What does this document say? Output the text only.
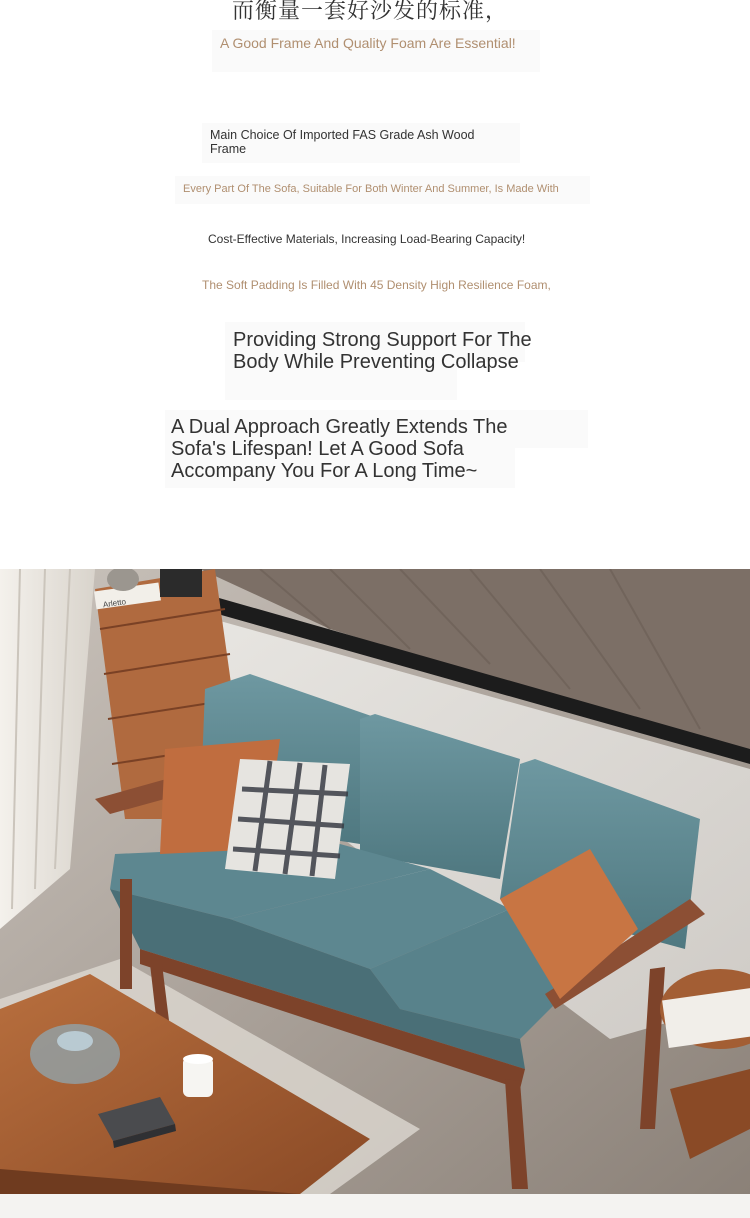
而衡量一套好沙发的标准，

A Good Frame And Quality Foam Are Essential!

Main Choice Of Imported FAS Grade Ash Wood Frame

Every Part Of The Sofa, Suitable For Both Winter And Summer, Is Made With

Cost-Effective Materials, Increasing Load-Bearing Capacity!

The Soft Padding Is Filled With 45 Density High Resilience Foam,

Providing Strong Support For The Body While Preventing Collapse

A Dual Approach Greatly Extends The Sofa's Lifespan! Let A Good Sofa Accompany You For A Long Time~

Arletto
